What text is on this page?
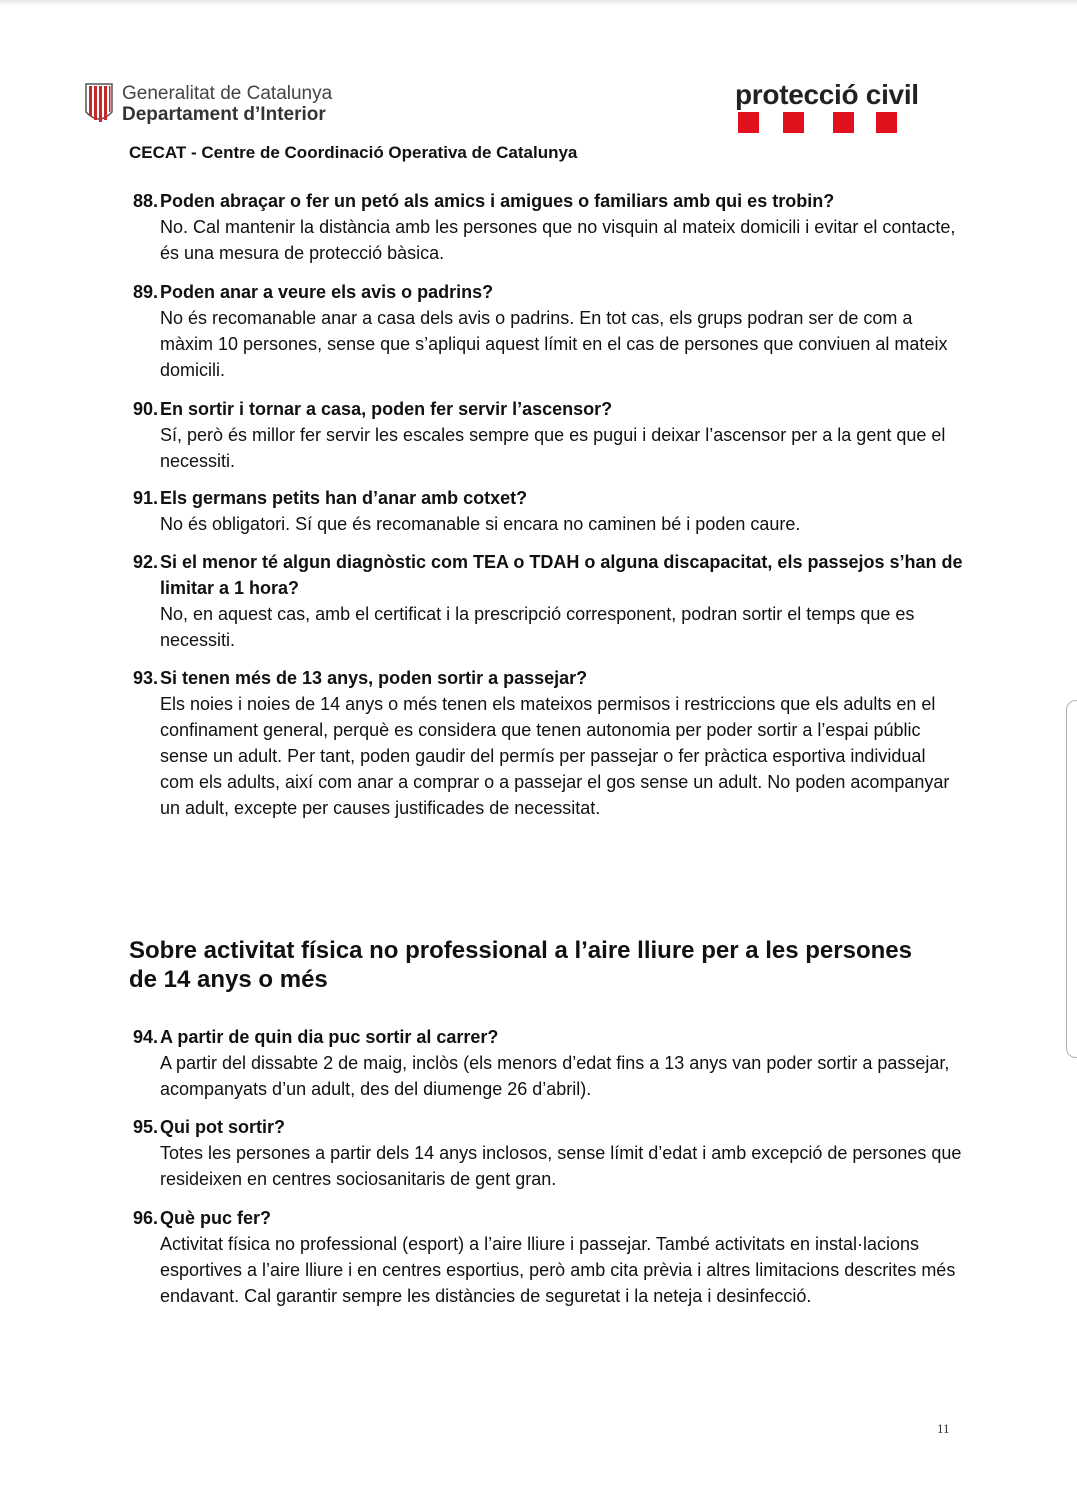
Generalitat de Catalunya
Departament d’Interior
protecció civil
CECAT - Centre de Coordinació Operativa de Catalunya
88. Poden abraçar o fer un petó als amics i amigues o familiars amb qui es trobin?
No. Cal mantenir la distància amb les persones que no visquin al mateix domicili i evitar el contacte, és una mesura de protecció bàsica.
89. Poden anar a veure els avis o padrins?
No és recomanable anar a casa dels avis o padrins. En tot cas, els grups podran ser de com a màxim 10 persones, sense que s’apliqui aquest límit en el cas de persones que conviuen al mateix domicili.
90. En sortir i tornar a casa, poden fer servir l’ascensor?
Sí, però és millor fer servir les escales sempre que es pugui i deixar l’ascensor per a la gent que el necessiti.
91. Els germans petits han d’anar amb cotxet?
No és obligatori. Sí que és recomanable si encara no caminen bé i poden caure.
92. Si el menor té algun diagnòstic com TEA o TDAH o alguna discapacitat, els passejos s’han de limitar a 1 hora?
No, en aquest cas, amb el certificat i la prescripció corresponent, podran sortir el temps que es necessiti.
93. Si tenen més de 13 anys, poden sortir a passejar?
Els noies i noies de 14 anys o més tenen els mateixos permisos i restriccions que els adults en el confinament general, perquè es considera que tenen autonomia per poder sortir a l’espai públic sense un adult. Per tant, poden gaudir del permís per passejar o fer pràctica esportiva individual com els adults, així com anar a comprar o a passejar el gos sense un adult. No poden acompanyar un adult, excepte per causes justificades de necessitat.
Sobre activitat física no professional a l’aire lliure per a les persones de 14 anys o més
94. A partir de quin dia puc sortir al carrer?
A partir del dissabte 2 de maig, inclòs (els menors d’edat fins a 13 anys van poder sortir a passejar, acompanyats d’un adult, des del diumenge 26 d’abril).
95. Qui pot sortir?
Totes les persones a partir dels 14 anys inclosos, sense límit d’edat i amb excepció de persones que resideixen en centres sociosanitaris de gent gran.
96. Què puc fer?
Activitat física no professional (esport) a l’aire lliure i passejar. També activitats en instal·lacions esportives a l’aire lliure i en centres esportius, però amb cita prèvia i altres limitacions descrites més endavant. Cal garantir sempre les distàncies de seguretat i la neteja i desinfecció.
11
